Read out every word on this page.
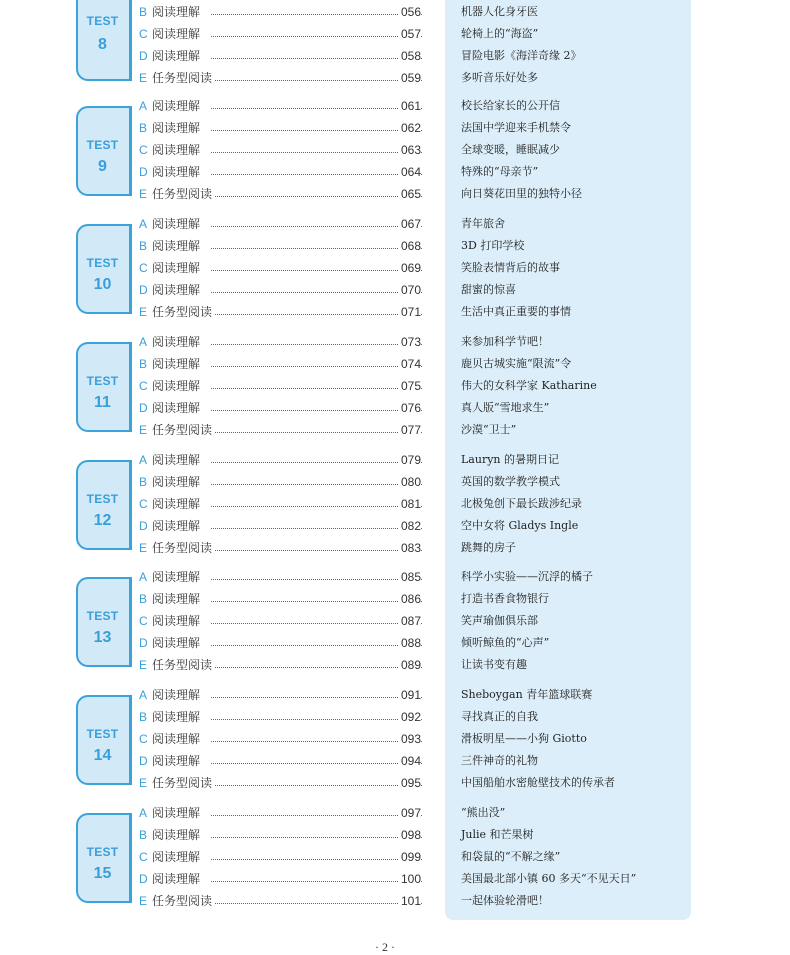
TEST
8
B 阅读理解	056	机器人化身牙医
C 阅读理解	057	轮椅上的“海盗”
D 阅读理解	058	冒险电影《海洋奇缘 2》
E 任务型阅读	059	多听音乐好处多
TEST
9
A 阅读理解	061	校长给家长的公开信
B 阅读理解	062	法国中学迎来手机禁令
C 阅读理解	063	全球变暖，睡眠减少
D 阅读理解	064	特殊的“母亲节”
E 任务型阅读	065	向日葵花田里的独特小径
TEST
10
A 阅读理解	067	青年旅舍
B 阅读理解	068	3D 打印学校
C 阅读理解	069	笑脸表情背后的故事
D 阅读理解	070	甜蜜的惊喜
E 任务型阅读	071	生活中真正重要的事情
TEST
11
A 阅读理解	073	来参加科学节吧！
B 阅读理解	074	鹿贝古城实施“限流”令
C 阅读理解	075	伟大的女科学家 Katharine
D 阅读理解	076	真人版“雪地求生”
E 任务型阅读	077	沙漠“卫士”
TEST
12
A 阅读理解	079	Lauryn 的暑期日记
B 阅读理解	080	英国的数学教学模式
C 阅读理解	081	北极兔创下最长跋涉纪录
D 阅读理解	082	空中女将 Gladys Ingle
E 任务型阅读	083	跳舞的房子
TEST
13
A 阅读理解	085	科学小实验——沉浮的橘子
B 阅读理解	086	打造书香食物银行
C 阅读理解	087	笑声瑜伽俱乐部
D 阅读理解	088	倾听鲸鱼的“心声”
E 任务型阅读	089	让读书变有趣
TEST
14
A 阅读理解	091	Sheboygan 青年篮球联赛
B 阅读理解	092	寻找真正的自我
C 阅读理解	093	滑板明星——小狗 Giotto
D 阅读理解	094	三件神奇的礼物
E 任务型阅读	095	中国船舶水密舱壁技术的传承者
TEST
15
A 阅读理解	097	“熊出没”
B 阅读理解	098	Julie 和芒果树
C 阅读理解	099	和袋鼠的“不解之缘”
D 阅读理解	100	美国最北部小镇 60 多天“不见天日”
E 任务型阅读	101	一起体验轮滑吧！
· 2 ·
